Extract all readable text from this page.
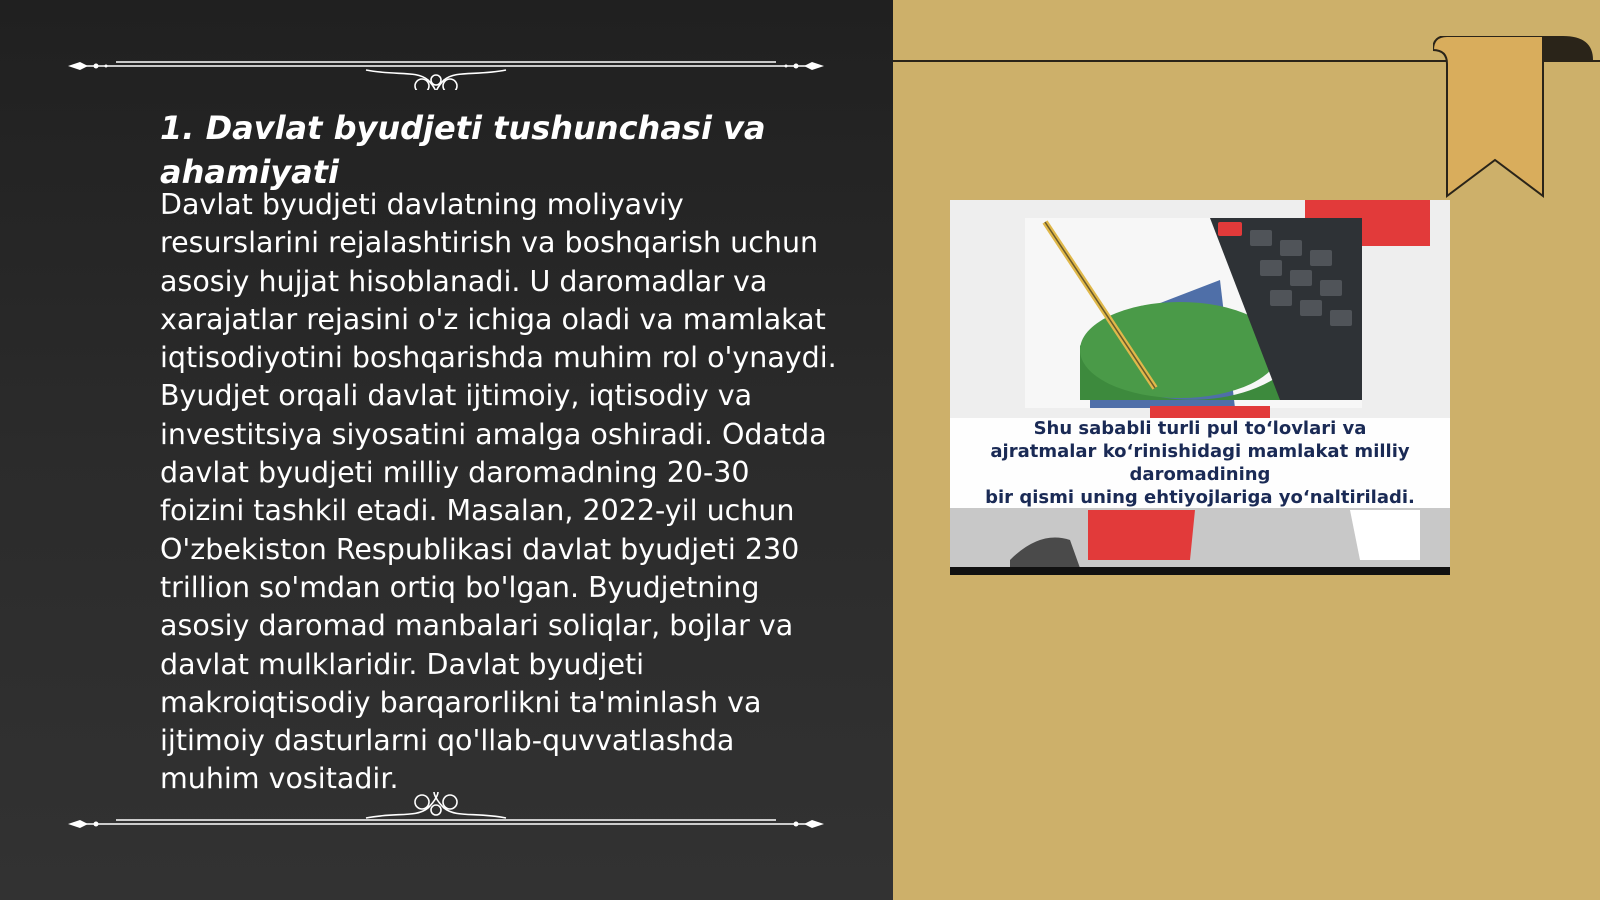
1. Davlat byudjeti tushunchasi va ahamiyati

Davlat byudjeti davlatning moliyaviy resurslarini rejalashtirish va boshqarish uchun asosiy hujjat hisoblanadi. U daromadlar va xarajatlar rejasini o'z ichiga oladi va mamlakat iqtisodiyotini boshqarishda muhim rol o'ynaydi. Byudjet orqali davlat ijtimoiy, iqtisodiy va investitsiya siyosatini amalga oshiradi. Odatda davlat byudjeti milliy daromadning 20-30 foizini tashkil etadi. Masalan, 2022-yil uchun O'zbekiston Respublikasi davlat byudjeti 230 trillion so'mdan ortiq bo'lgan. Byudjetning asosiy daromad manbalari soliqlar, bojlar va davlat mulklaridir. Davlat byudjeti makroiqtisodiy barqarorlikni ta'minlash va ijtimoiy dasturlarni qo'llab-quvvatlashda muhim vositadir.

Shu sababli turli pul to‘lovlari va
ajratmalar ko‘rinishidagi mamlakat milliy
daromadining
bir qismi uning ehtiyojlariga yo‘naltiriladi.
